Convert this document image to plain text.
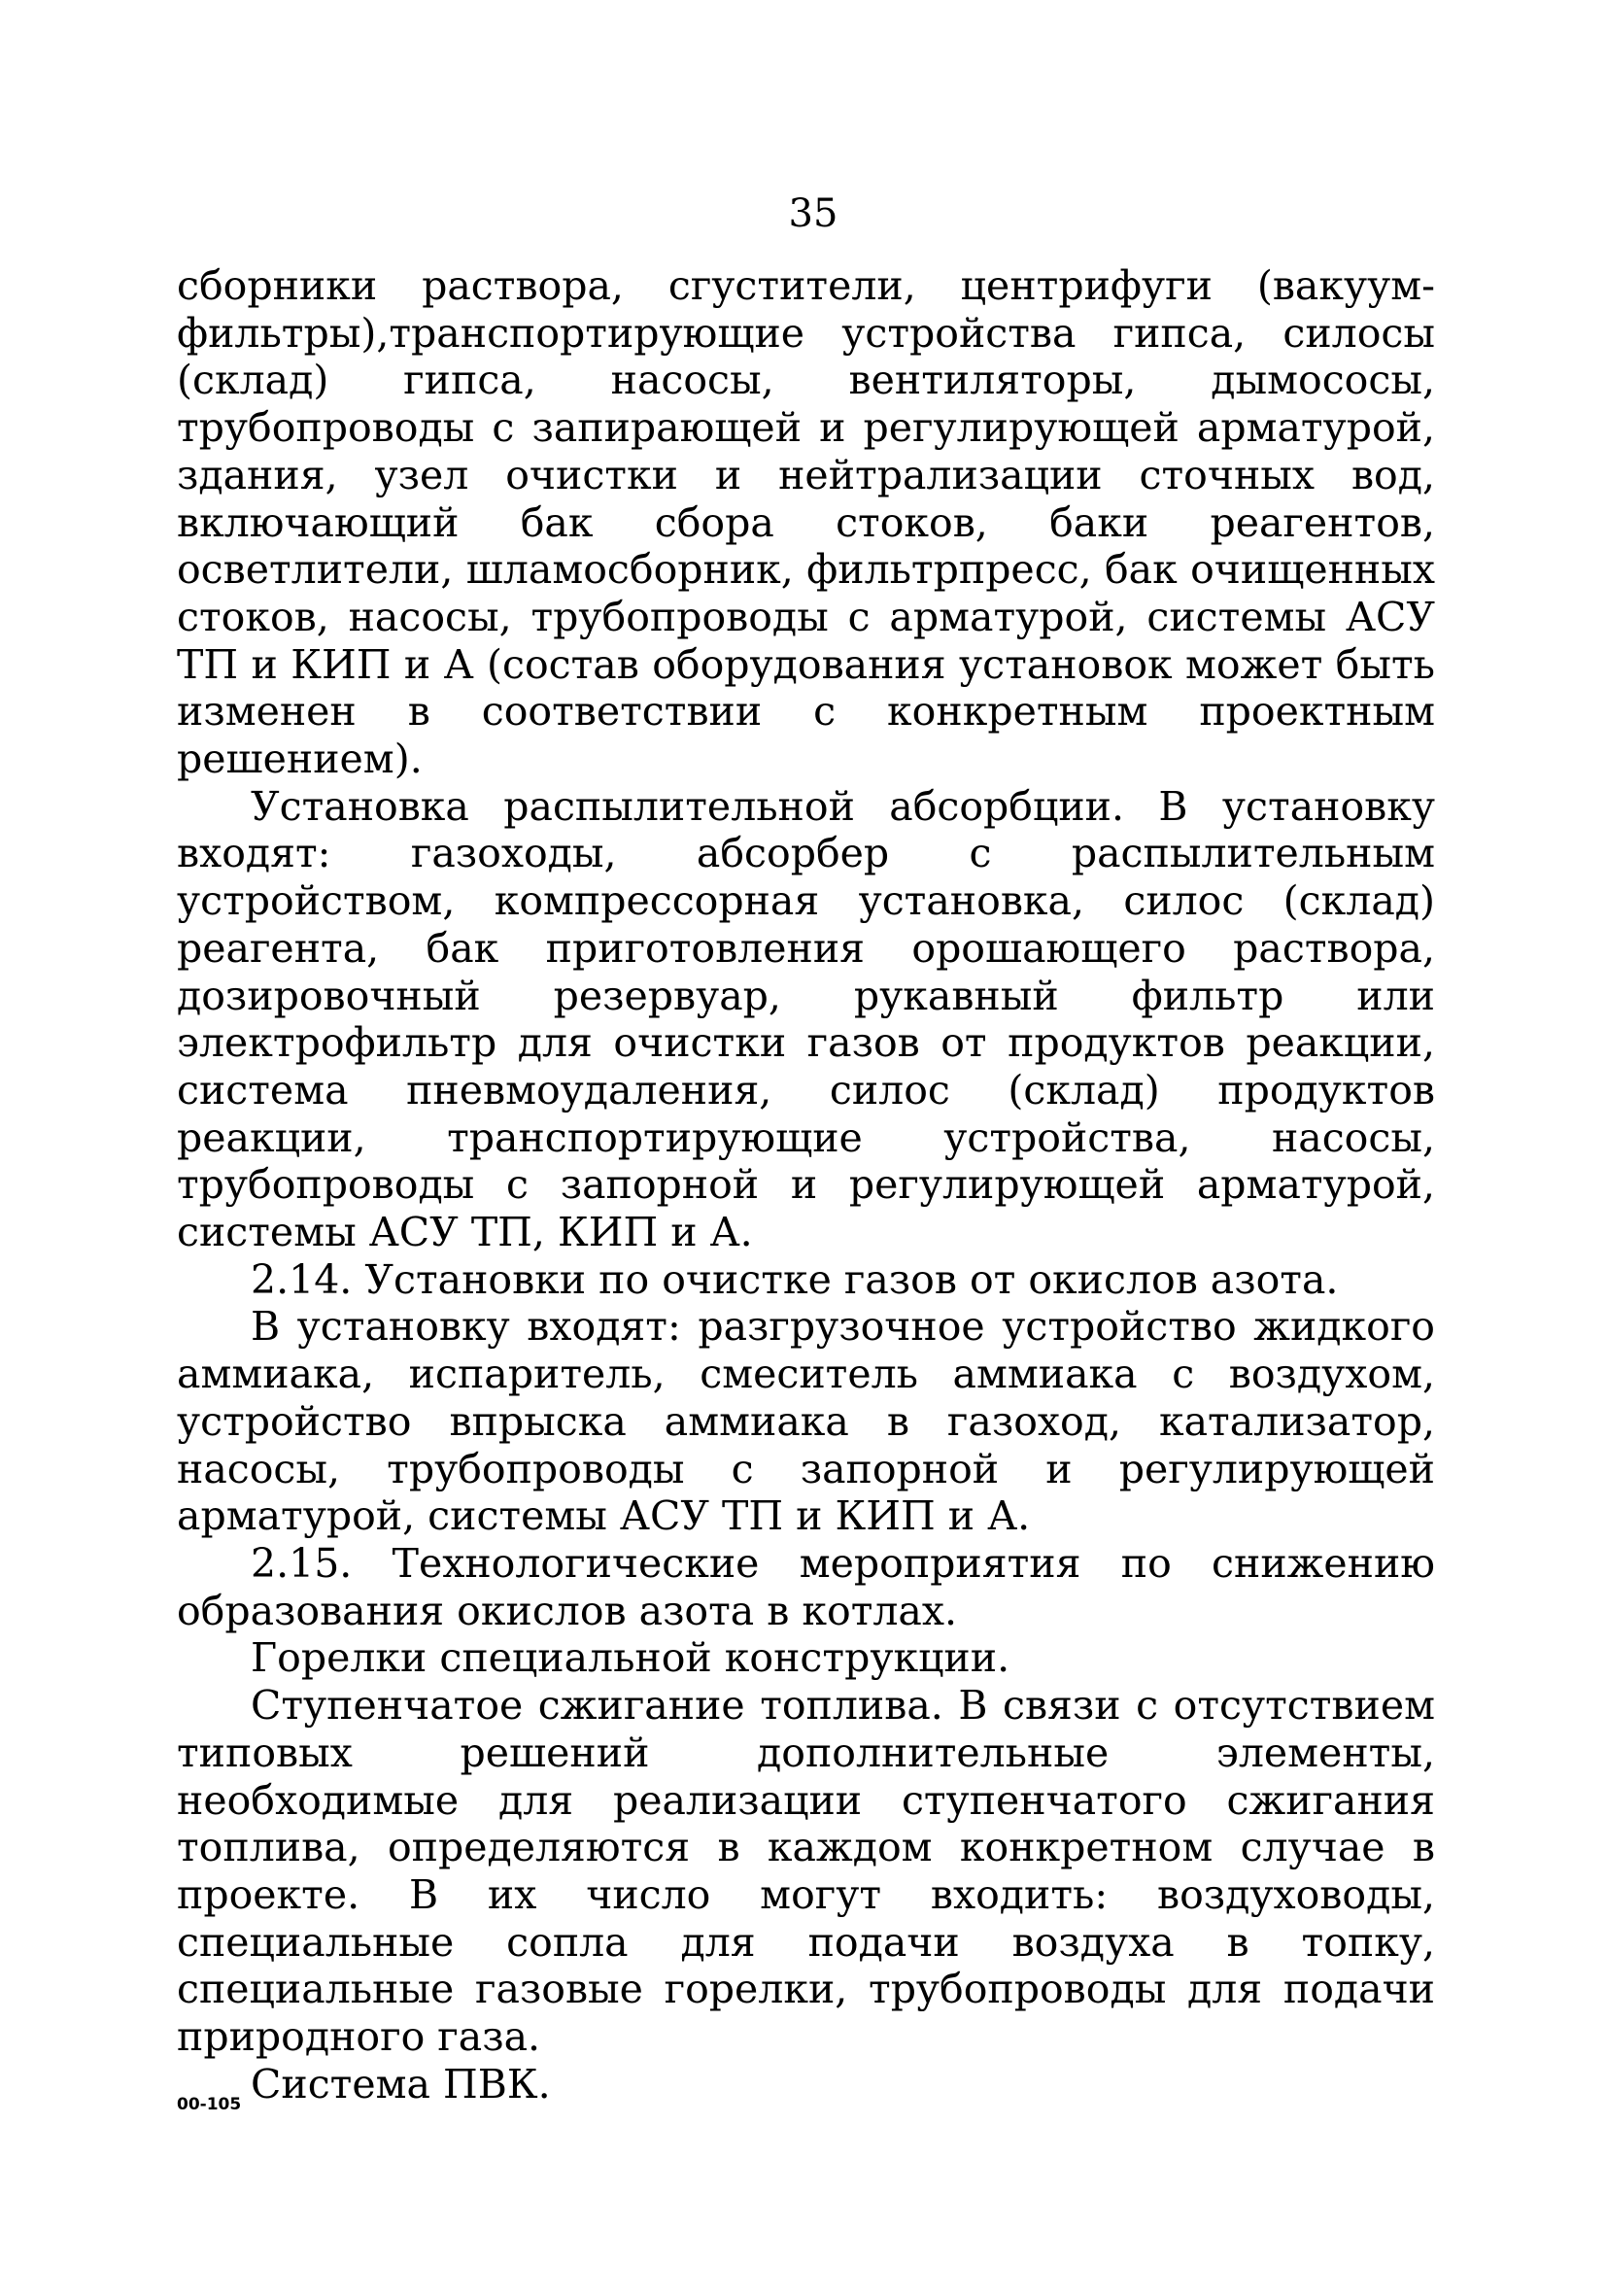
35

сборники раствора, сгустители, центрифуги (вакуум-фильтры),транспортирующие устройства гипса, силосы (склад) гипса, насосы, вентиляторы, дымососы, трубопроводы с запирающей и регулирующей арматурой, здания, узел очистки и нейтрализации сточных вод, включающий бак сбора стоков, баки реагентов, осветлители, шламосборник, фильтрпресс, бак очищенных стоков, насосы, трубопроводы с арматурой, системы АСУ ТП и КИП и А (состав оборудования установок может быть изменен в соответствии с конкретным проектным решением).

Установка распылительной абсорбции. В установку входят: газоходы, абсорбер с распылительным устройством, компрессорная установка, силос (склад) реагента, бак приготовления орошающего раствора, дозировочный резервуар, рукавный фильтр или электрофильтр для очистки газов от продуктов реакции, система пневмоудаления, силос (склад) продуктов реакции, транспортирующие устройства, насосы, трубопроводы с запорной и регулирующей арматурой, системы АСУ ТП, КИП и А.

2.14. Установки по очистке газов от окислов азота.

В установку входят: разгрузочное устройство жидкого аммиака, испаритель, смеситель аммиака с воздухом, устройство впрыска аммиака в газоход, катализатор, насосы, трубопроводы с запорной и регулирующей арматурой, системы АСУ ТП и КИП и А.

2.15. Технологические мероприятия по снижению образования окислов азота в котлах.

Горелки специальной конструкции.

Ступенчатое сжигание топлива. В связи с отсутствием типовых решений дополнительные элементы, необходимые для реализации ступенчатого сжигания топлива, определяются в каждом конкретном случае в проекте. В их число могут входить: воздуховоды, специальные сопла для подачи воздуха в топку, специальные газовые горелки, трубопроводы для подачи природного газа.

Система ПВК.

00-105
